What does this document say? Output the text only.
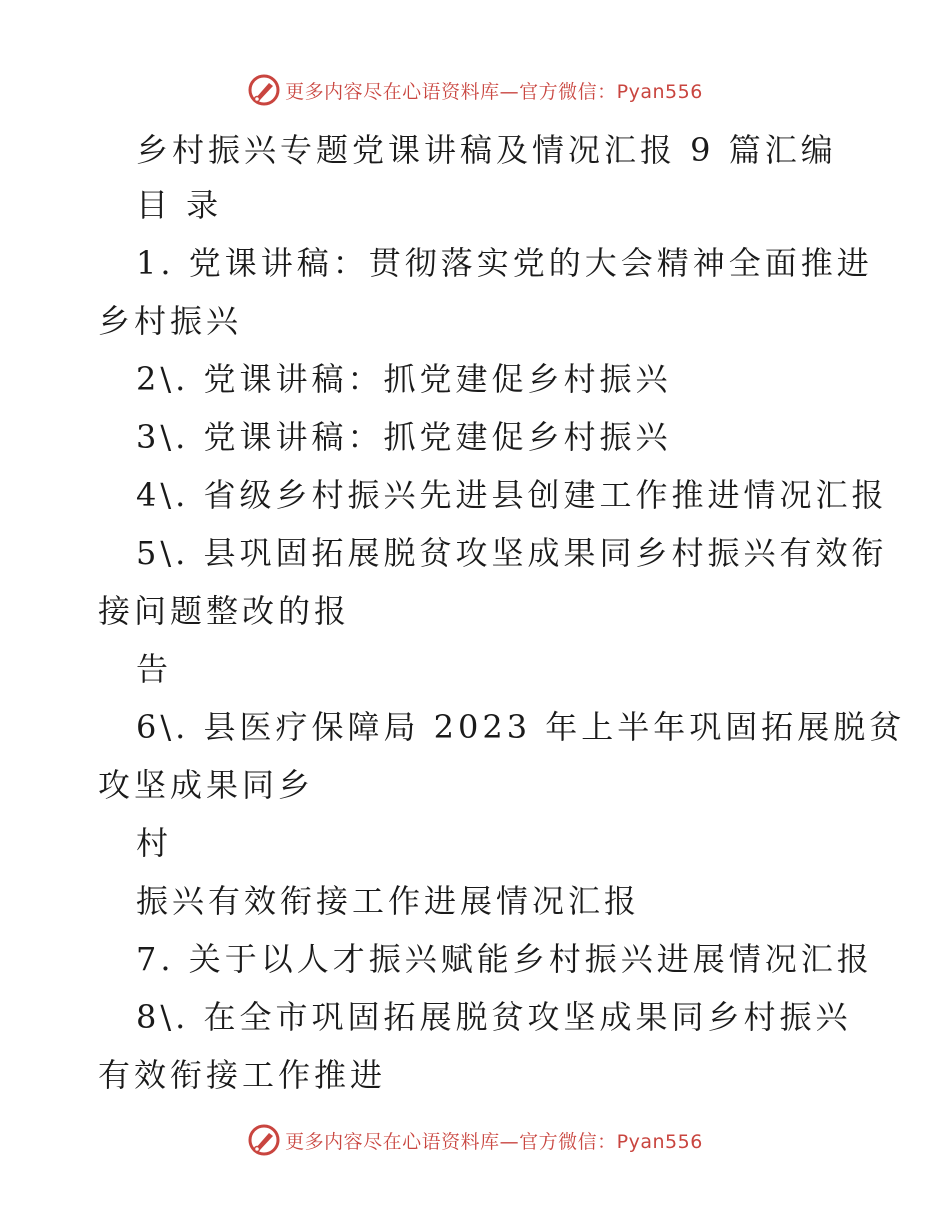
更多内容尽在心语资料库—官方微信：Pyan556
乡村振兴专题党课讲稿及情况汇报 9 篇汇编
目 录
1. 党课讲稿：贯彻落实党的大会精神全面推进
乡村振兴
2\. 党课讲稿：抓党建促乡村振兴
3\. 党课讲稿：抓党建促乡村振兴
4\. 省级乡村振兴先进县创建工作推进情况汇报
5\. 县巩固拓展脱贫攻坚成果同乡村振兴有效衔
接问题整改的报
告
6\. 县医疗保障局 2023 年上半年巩固拓展脱贫
攻坚成果同乡
村
振兴有效衔接工作进展情况汇报
7. 关于以人才振兴赋能乡村振兴进展情况汇报
8\. 在全市巩固拓展脱贫攻坚成果同乡村振兴
有效衔接工作推进
更多内容尽在心语资料库—官方微信：Pyan556
